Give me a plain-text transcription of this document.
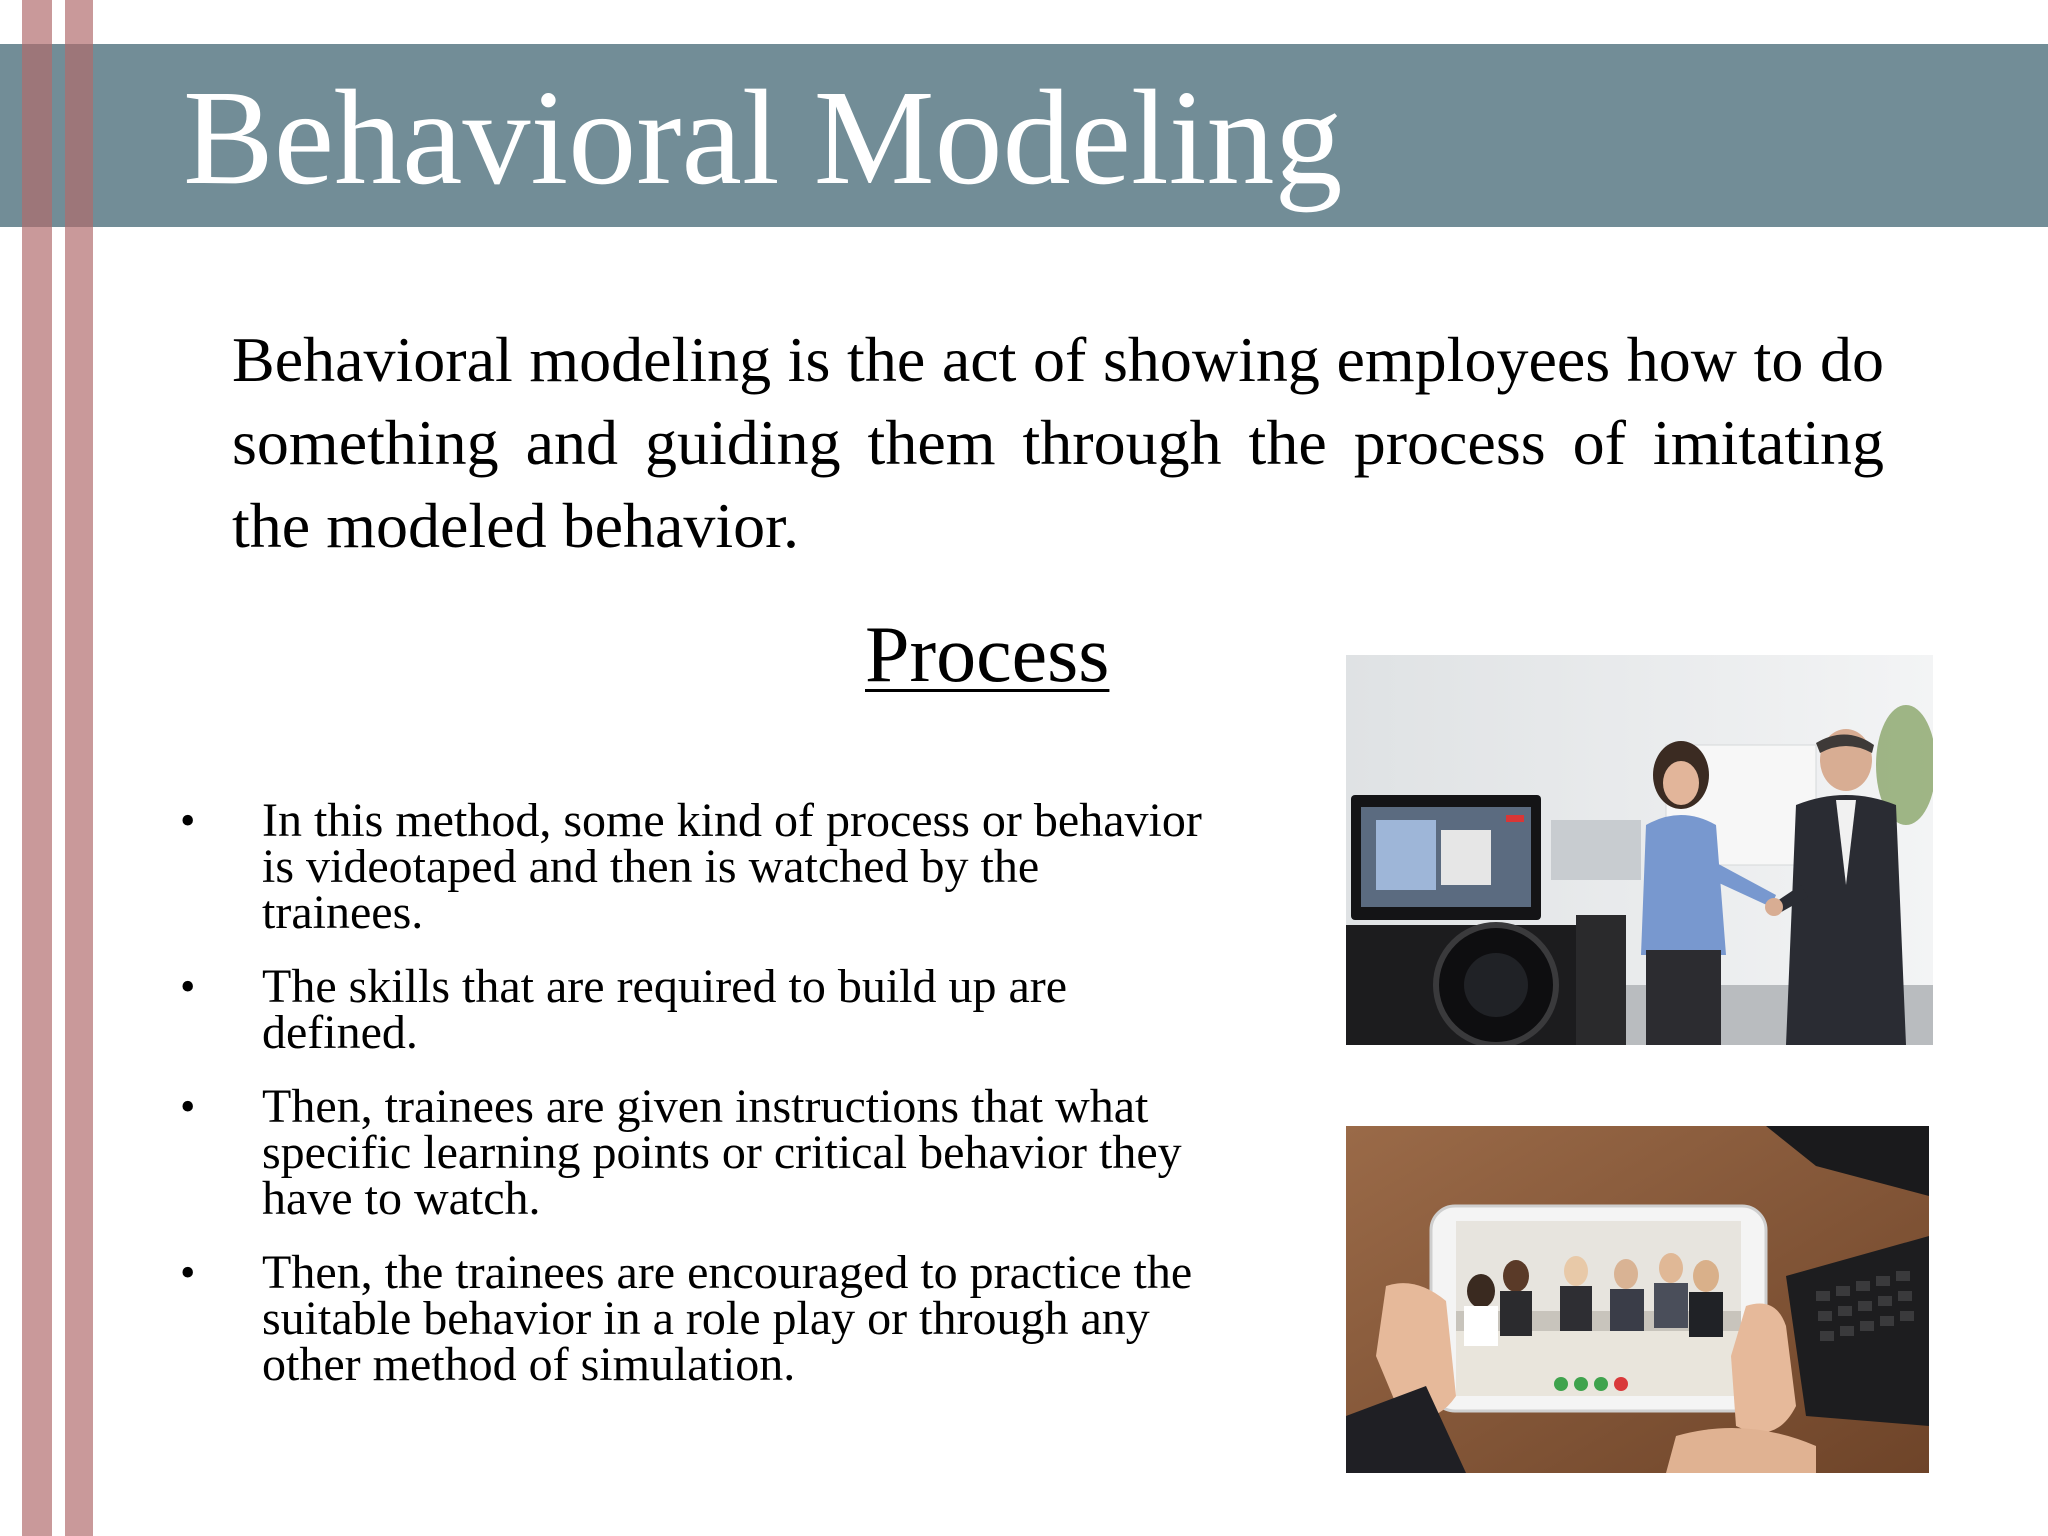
Behavioral Modeling
Behavioral modeling is the act of showing employees how to do something and guiding them through the process of imitating the modeled behavior.
Process
• In this method, some kind of process or behavior is videotaped and then is watched by the trainees.
• The skills that are required to build up are defined.
• Then, trainees are given instructions that what specific learning points or critical behavior they have to watch.
• Then, the trainees are encouraged to practice the suitable behavior in a role play or through any other method of simulation.
